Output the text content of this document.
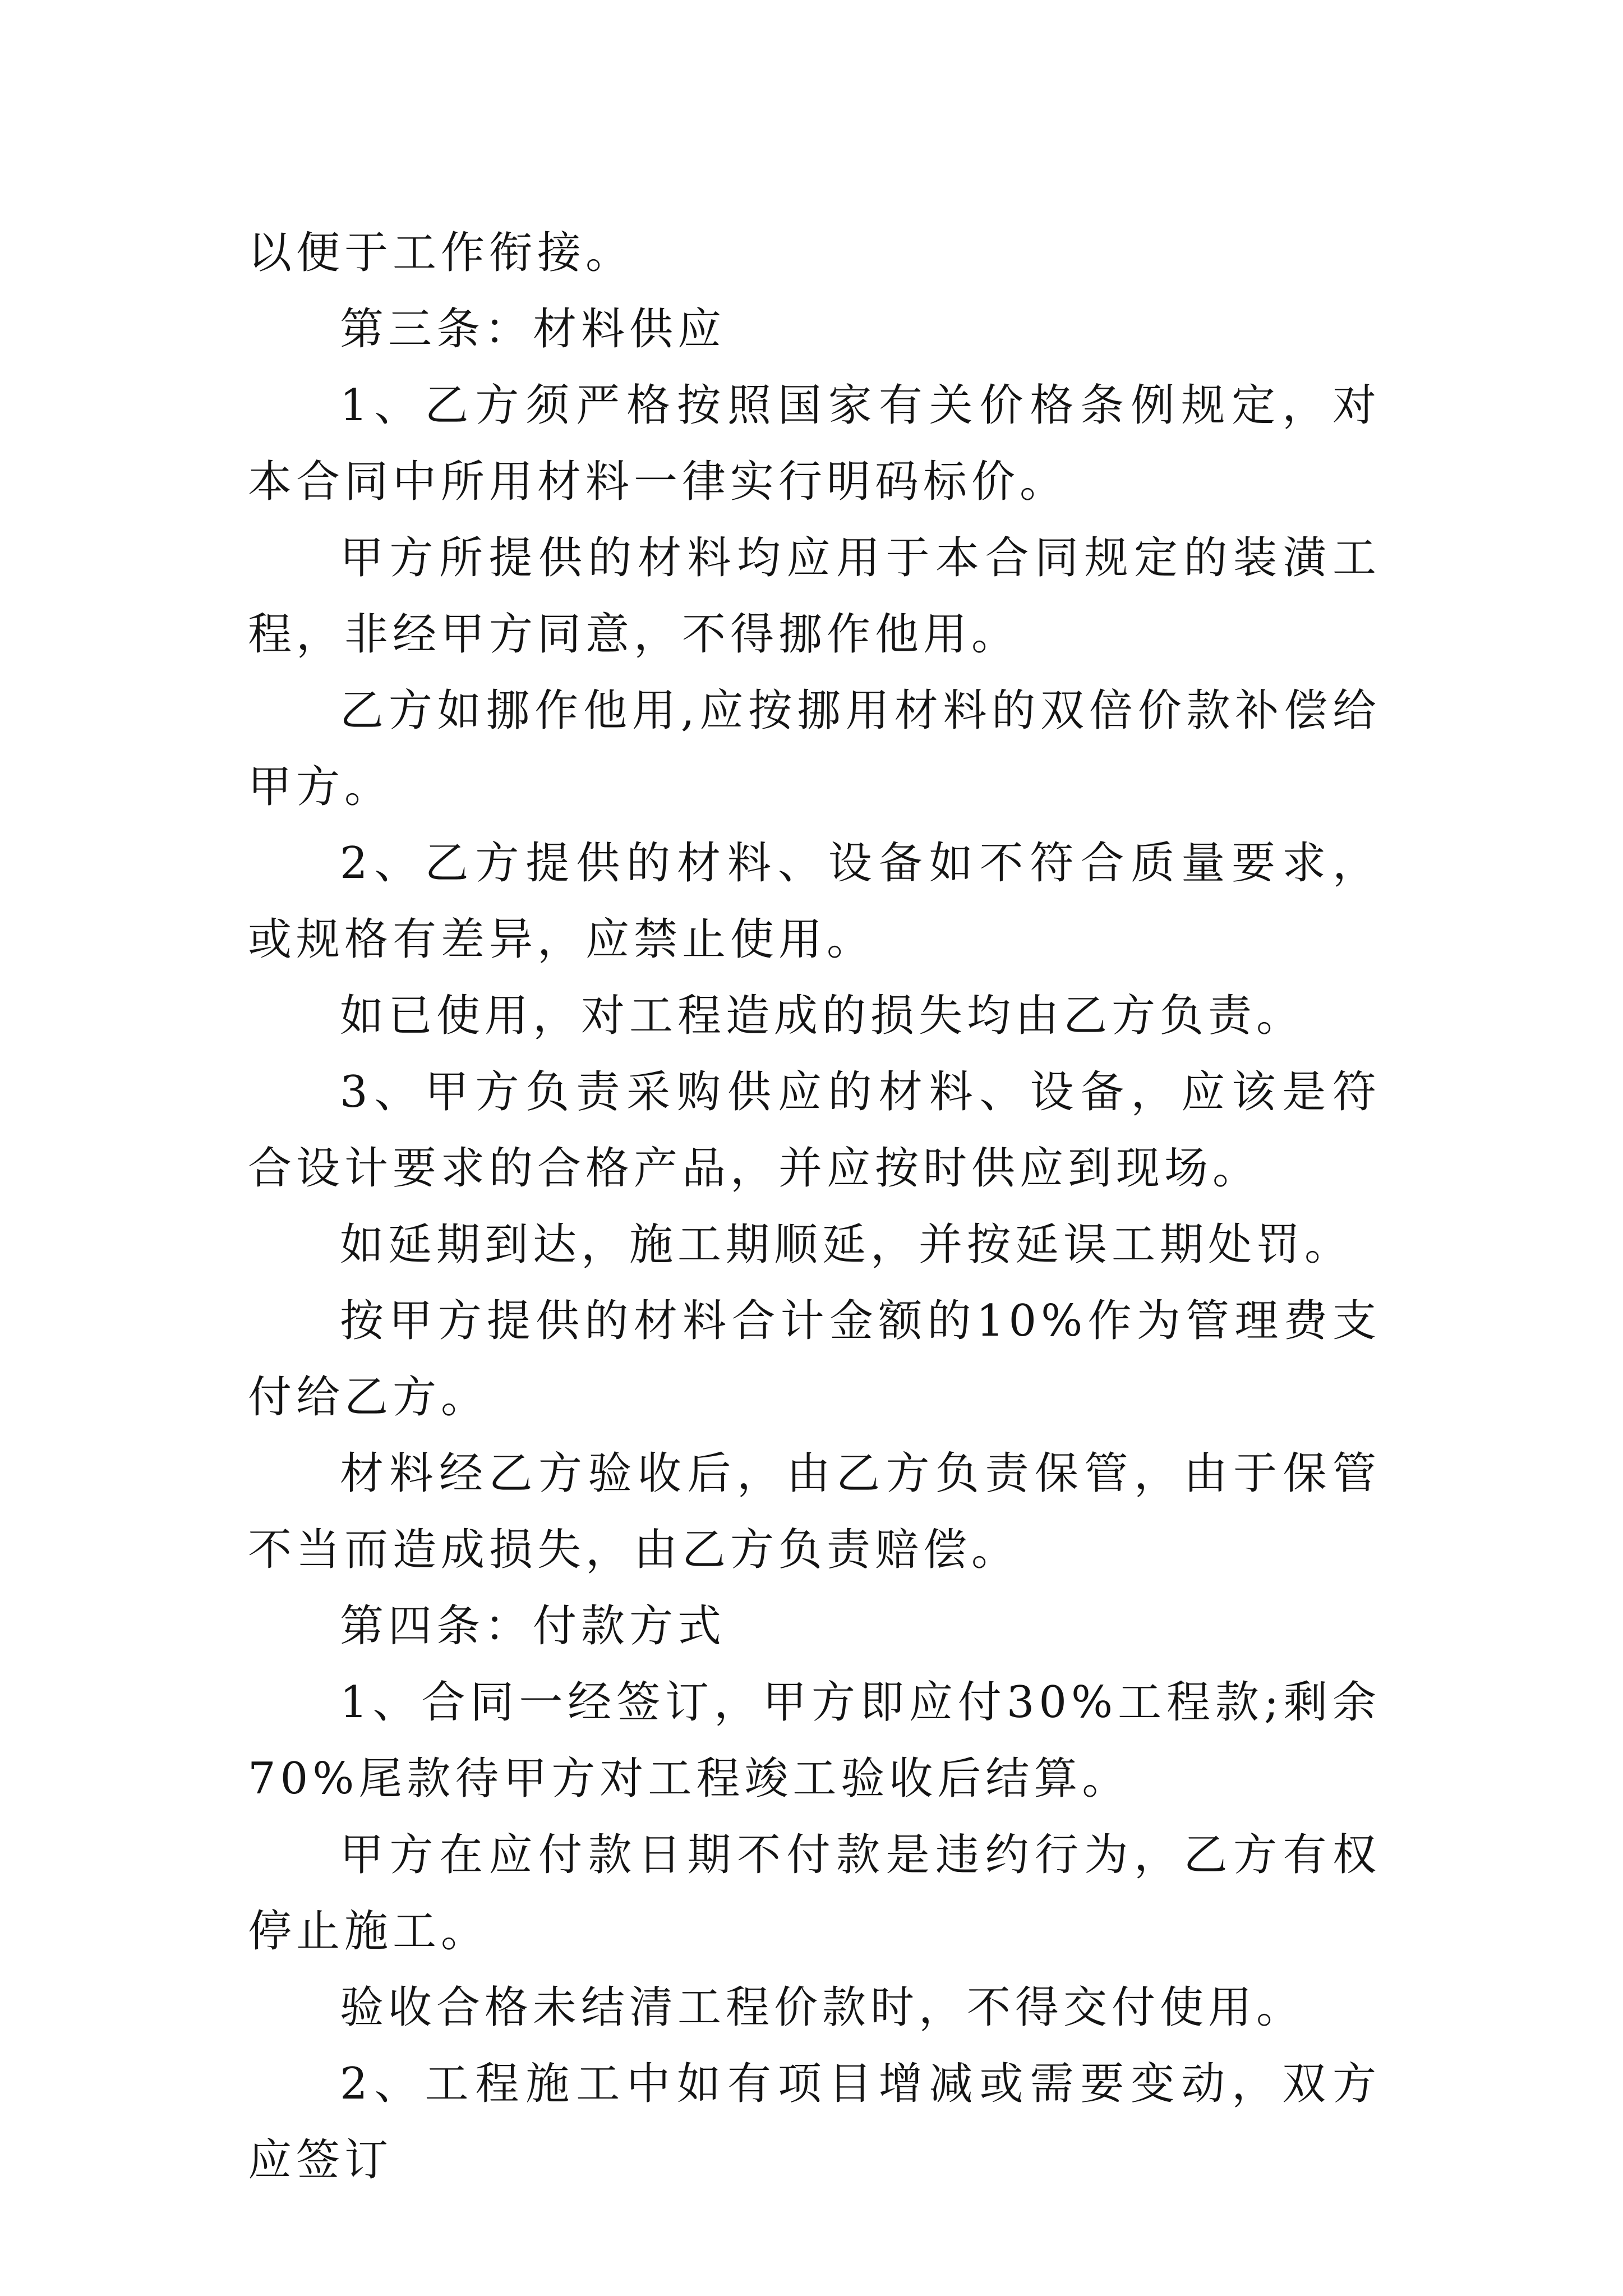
以便于工作衔接。

第三条：材料供应

1、乙方须严格按照国家有关价格条例规定，对本合同中所用材料一律实行明码标价。

甲方所提供的材料均应用于本合同规定的装潢工程，非经甲方同意，不得挪作他用。

乙方如挪作他用,应按挪用材料的双倍价款补偿给甲方。

2、乙方提供的材料、设备如不符合质量要求，或规格有差异，应禁止使用。

如已使用，对工程造成的损失均由乙方负责。

3、甲方负责采购供应的材料、设备，应该是符合设计要求的合格产品，并应按时供应到现场。

如延期到达，施工期顺延，并按延误工期处罚。

按甲方提供的材料合计金额的10%作为管理费支付给乙方。

材料经乙方验收后，由乙方负责保管，由于保管不当而造成损失，由乙方负责赔偿。

第四条：付款方式

1、合同一经签订，甲方即应付30%工程款;剩余70%尾款待甲方对工程竣工验收后结算。

甲方在应付款日期不付款是违约行为，乙方有权停止施工。

验收合格未结清工程价款时，不得交付使用。

2、工程施工中如有项目增减或需要变动，双方应签订
